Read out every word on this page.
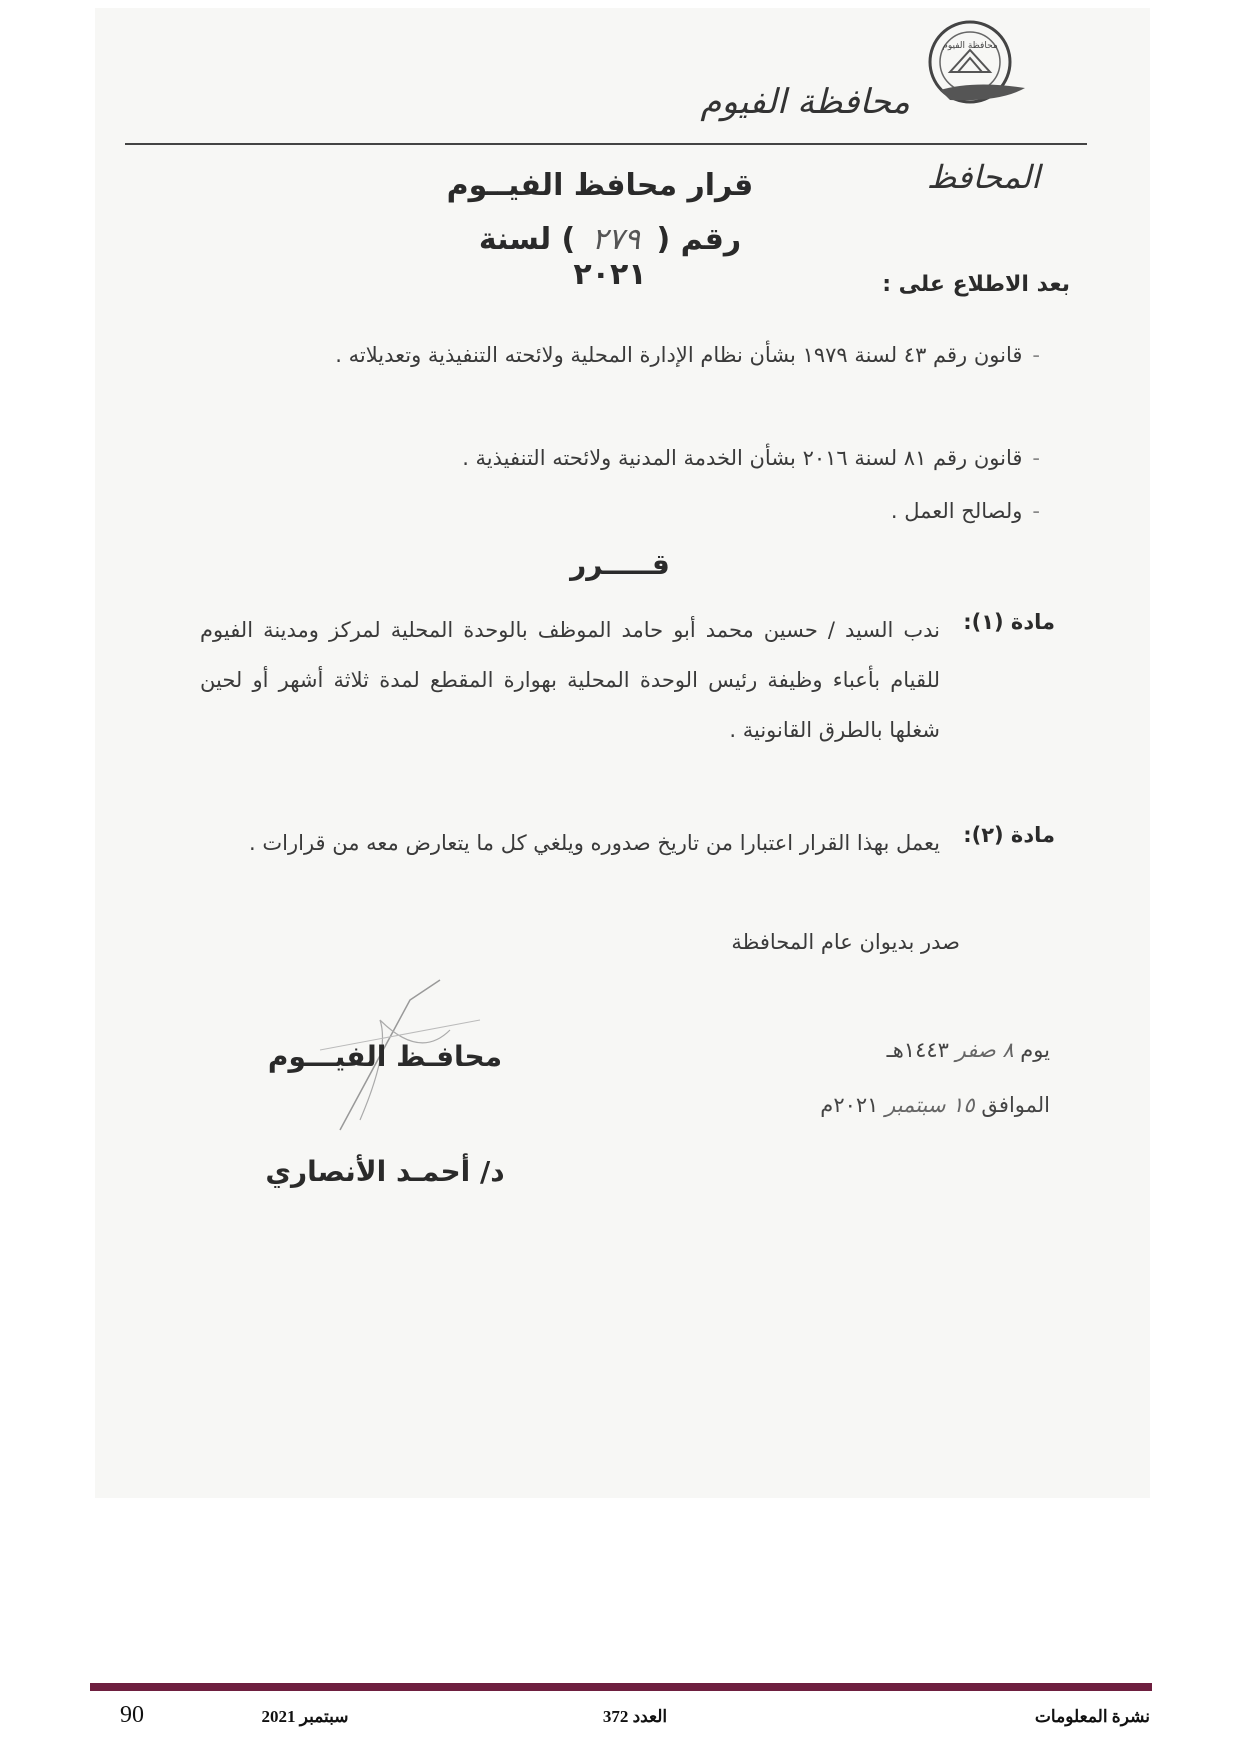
محافظة الفيوم
محافظة الفيوم
المحافظ
قرار محافظ الفيــوم
رقم ( ٢٧٩ ) لسنة ٢٠٢١	بعد الاطلاع على :
-قانون رقم ٤٣ لسنة ١٩٧٩ بشأن نظام الإدارة المحلية ولائحته التنفيذية وتعديلاته .
-قانون رقم ٨١ لسنة ٢٠١٦ بشأن الخدمة المدنية ولائحته التنفيذية .
-ولصالح العمل .
قـــــرر
مادة (١):
ندب السيد / حسين محمد أبو حامد الموظف بالوحدة المحلية لمركز ومدينة الفيوم للقيام بأعباء وظيفة رئيس الوحدة المحلية بهوارة المقطع لمدة ثلاثة أشهر أو لحين شغلها بالطرق القانونية .
مادة (٢):
يعمل بهذا القرار اعتبارا من تاريخ صدوره ويلغي كل ما يتعارض معه من قرارات .
صدر بديوان عام المحافظة
يوم ٨ صفر ١٤٤٣هـ
الموافق ١٥ سبتمبر ٢٠٢١م
محافـظ الفيـــوم
د/ أحمـد الأنصاري
نشرة المعلومات
العدد 372
سبتمبر 2021
90
